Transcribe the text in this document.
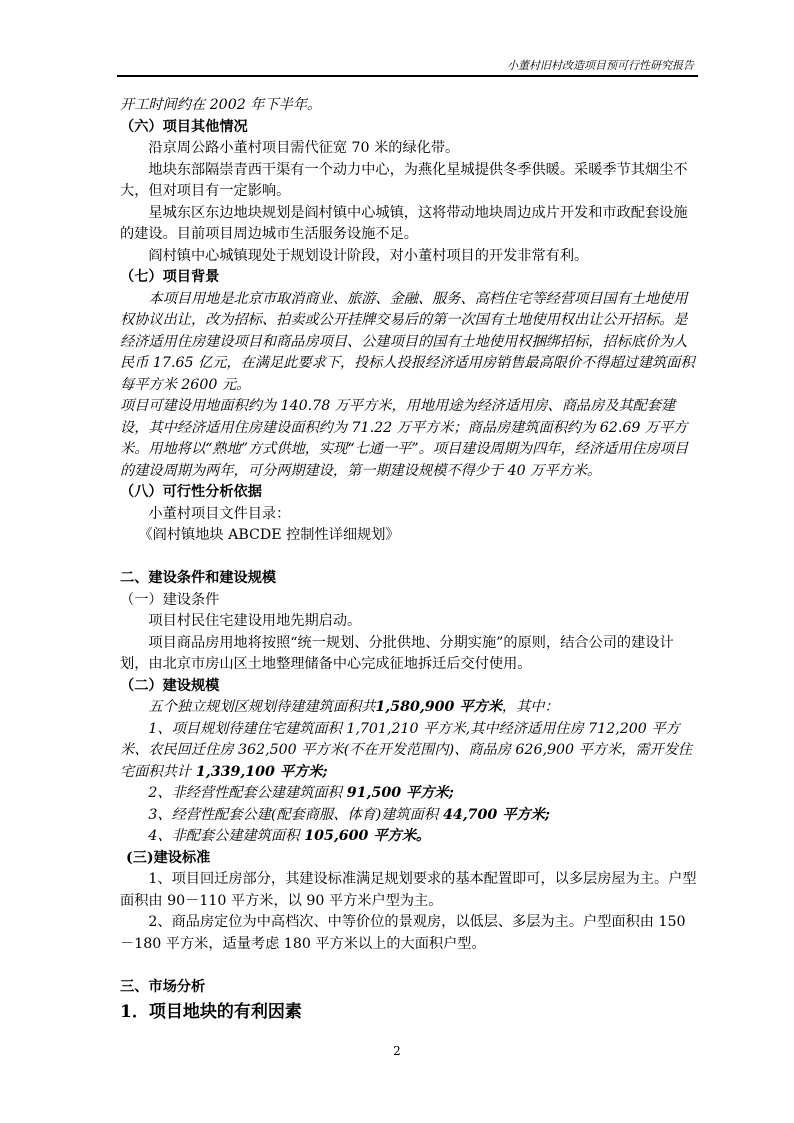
小董村旧村改造项目预可行性研究报告

开工时间约在 2002 年下半年。

（六）项目其他情况

沿京周公路小董村项目需代征宽 70 米的绿化带。

地块东部隔崇青西干渠有一个动力中心，为燕化星城提供冬季供暖。采暖季节其烟尘不大，但对项目有一定影响。

星城东区东边地块规划是阎村镇中心城镇，这将带动地块周边成片开发和市政配套设施的建设。目前项目周边城市生活服务设施不足。

阎村镇中心城镇现处于规划设计阶段，对小董村项目的开发非常有利。

（七）项目背景

本项目用地是北京市取消商业、旅游、金融、服务、高档住宅等经营项目国有土地使用权协议出让，改为招标、拍卖或公开挂牌交易后的第一次国有土地使用权出让公开招标。是经济适用住房建设项目和商品房项目、公建项目的国有土地使用权捆绑招标，招标底价为人民币 17.65 亿元，在满足此要求下，投标人投报经济适用房销售最高限价不得超过建筑面积每平方米 2600 元。

项目可建设用地面积约为 140.78 万平方米，用地用途为经济适用房、商品房及其配套建设，其中经济适用住房建设面积约为 71.22 万平方米；商品房建筑面积约为 62.69 万平方米。用地将以“熟地”方式供地，实现“七通一平”。项目建设周期为四年，经济适用住房项目的建设周期为两年，可分两期建设，第一期建设规模不得少于 40 万平方米。

（八）可行性分析依据

小董村项目文件目录：

《阎村镇地块 ABCDE 控制性详细规划》

二、建设条件和建设规模

（一）建设条件

项目村民住宅建设用地先期启动。

项目商品房用地将按照“统一规划、分批供地、分期实施”的原则，结合公司的建设计划，由北京市房山区土地整理储备中心完成征地拆迁后交付使用。

（二）建设规模

五个独立规划区规划待建建筑面积共1,580,900 平方米，其中：

1、项目规划待建住宅建筑面积 1,701,210 平方米,其中经济适用住房 712,200 平方米、农民回迁住房 362,500 平方米(不在开发范围内)、商品房 626,900 平方米，需开发住宅面积共计 1,339,100 平方米;

2、非经营性配套公建建筑面积 91,500 平方米;

3、经营性配套公建(配套商服、体育)建筑面积 44,700 平方米;

4、非配套公建建筑面积 105,600 平方米。

(三)建设标准

1、项目回迁房部分，其建设标准满足规划要求的基本配置即可，以多层房屋为主。户型面积由 90－110 平方米，以 90 平方米户型为主。

2、商品房定位为中高档次、中等价位的景观房，以低层、多层为主。户型面积由 150－180 平方米，适量考虑 180 平方米以上的大面积户型。

三、市场分析

1．项目地块的有利因素

2
